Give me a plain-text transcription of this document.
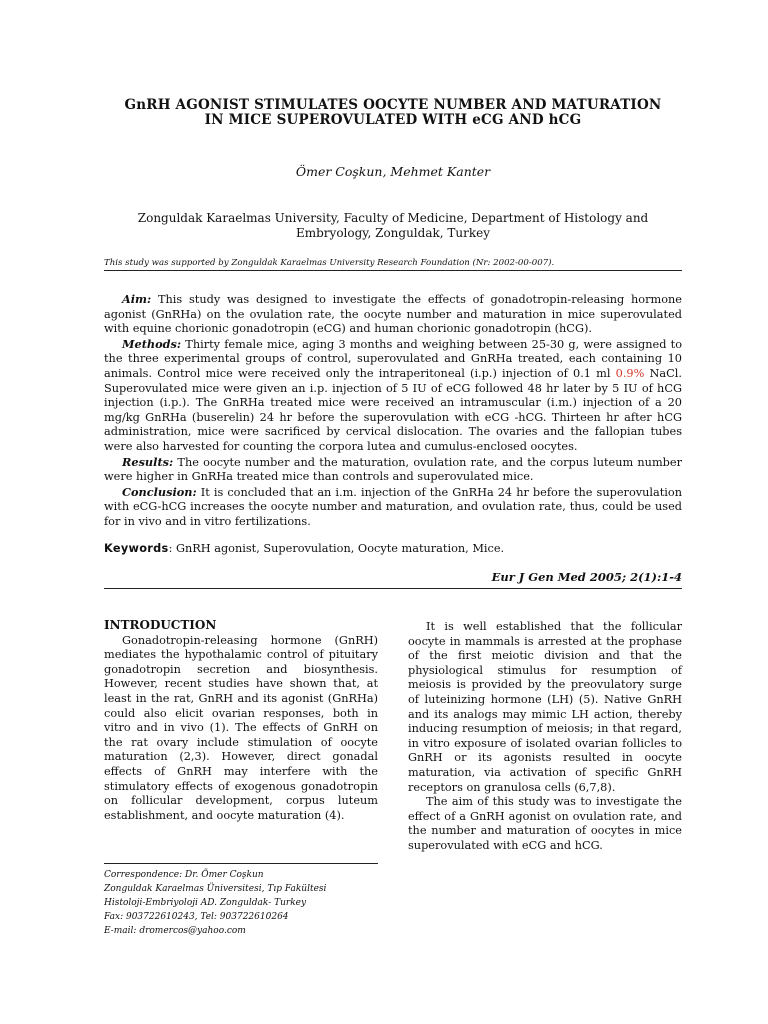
GnRH AGONIST STIMULATES OOCYTE NUMBER AND MATURATION
IN MICE SUPEROVULATED WITH eCG AND hCG
Ömer Coşkun, Mehmet Kanter
Zonguldak Karaelmas University, Faculty of Medicine, Department of Histology and
Embryology, Zonguldak, Turkey
This study was supported by Zonguldak Karaelmas University Research Foundation (Nr: 2002-00-007).

Aim: This study was designed to investigate the effects of gonadotropin-releasing hormone agonist (GnRHa) on the ovulation rate, the oocyte number and maturation in mice superovulated with equine chorionic gonadotropin (eCG) and human chorionic gonadotropin (hCG).

Methods: Thirty female mice, aging 3 months and weighing between 25-30 g, were assigned to the three experimental groups of control, superovulated and GnRHa treated, each containing 10 animals. Control mice were received only the intraperitoneal (i.p.) injection of 0.1 ml 0.9% NaCl. Superovulated mice were given an i.p. injection of 5 IU of eCG followed 48 hr later by 5 IU of hCG injection (i.p.). The GnRHa treated mice were received an intramuscular (i.m.) injection of a 20 mg/kg GnRHa (buserelin) 24 hr before the superovulation with eCG -hCG. Thirteen hr after hCG administration, mice were sacrificed by cervical dislocation. The ovaries and the fallopian tubes were also harvested for counting the corpora lutea and cumulus-enclosed oocytes.

Results: The oocyte number and the maturation, ovulation rate, and the corpus luteum number were higher in GnRHa treated mice than controls and superovulated mice.

Conclusion: It is concluded that an i.m. injection of the GnRHa 24 hr before the superovulation with eCG-hCG increases the oocyte number and maturation, and ovulation rate, thus, could be used for in vivo and in vitro fertilizations.

Keywords: GnRH agonist, Superovulation, Oocyte maturation, Mice.
Eur J Gen Med 2005; 2(1):1-4
INTRODUCTION

Gonadotropin-releasing hormone (GnRH) mediates the hypothalamic control of pituitary gonadotropin secretion and biosynthesis. However, recent studies have shown that, at least in the rat, GnRH and its agonist (GnRHa) could also elicit ovarian responses, both in vitro and in vivo (1). The effects of GnRH on the rat ovary include stimulation of oocyte maturation (2,3). However, direct gonadal effects of GnRH may interfere with the stimulatory effects of exogenous gonadotropin on follicular development, corpus luteum establishment, and oocyte maturation (4).

It is well established that the follicular oocyte in mammals is arrested at the prophase of the first meiotic division and that the physiological stimulus for resumption of meiosis is provided by the preovulatory surge of luteinizing hormone (LH) (5). Native GnRH and its analogs may mimic LH action, thereby inducing resumption of meiosis; in that regard, in vitro exposure of isolated ovarian follicles to GnRH or its agonists resulted in oocyte maturation, via activation of specific GnRH receptors on granulosa cells (6,7,8).

The aim of this study was to investigate the effect of a GnRH agonist on ovulation rate, and the number and maturation of oocytes in mice superovulated with eCG and hCG.

Correspondence: Dr. Ömer Coşkun
Zonguldak Karaelmas Üniversitesi, Tıp Fakültesi
Histoloji-Embriyoloji AD. Zonguldak- Turkey
Fax: 903722610243, Tel: 903722610264
E-mail: dromercos@yahoo.com
